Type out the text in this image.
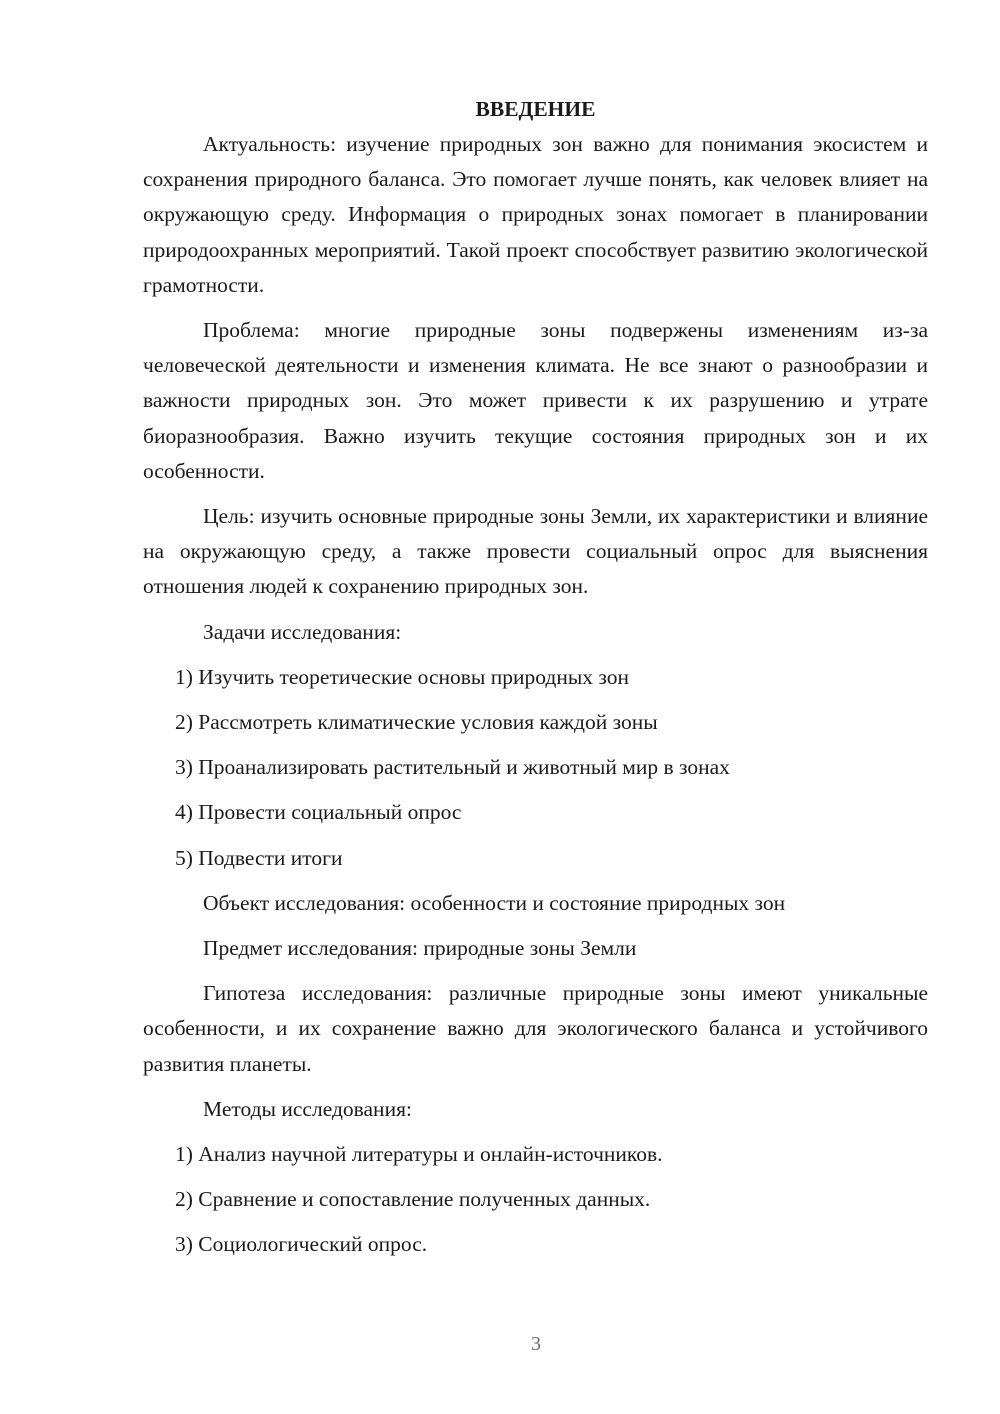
ВВЕДЕНИЕ

Актуальность: изучение природных зон важно для понимания экосистем и сохранения природного баланса. Это помогает лучше понять, как человек влияет на окружающую среду. Информация о природных зонах помогает в планировании природоохранных мероприятий. Такой проект способствует развитию экологической грамотности.

Проблема: многие природные зоны подвержены изменениям из-за человеческой деятельности и изменения климата. Не все знают о разнообразии и важности природных зон. Это может привести к их разрушению и утрате биоразнообразия. Важно изучить текущие состояния природных зон и их особенности.

Цель: изучить основные природные зоны Земли, их характеристики и влияние на окружающую среду, а также провести социальный опрос для выяснения отношения людей к сохранению природных зон.

Задачи исследования:

1) Изучить теоретические основы природных зон

2) Рассмотреть климатические условия каждой зоны

3) Проанализировать растительный и животный мир в зонах

4) Провести социальный опрос

5) Подвести итоги

Объект исследования: особенности и состояние природных зон

Предмет исследования: природные зоны Земли

Гипотеза исследования: различные природные зоны имеют уникальные особенности, и их сохранение важно для экологического баланса и устойчивого развития планеты.

Методы исследования:

1) Анализ научной литературы и онлайн-источников.

2) Сравнение и сопоставление полученных данных.

3) Социологический опрос.

3
